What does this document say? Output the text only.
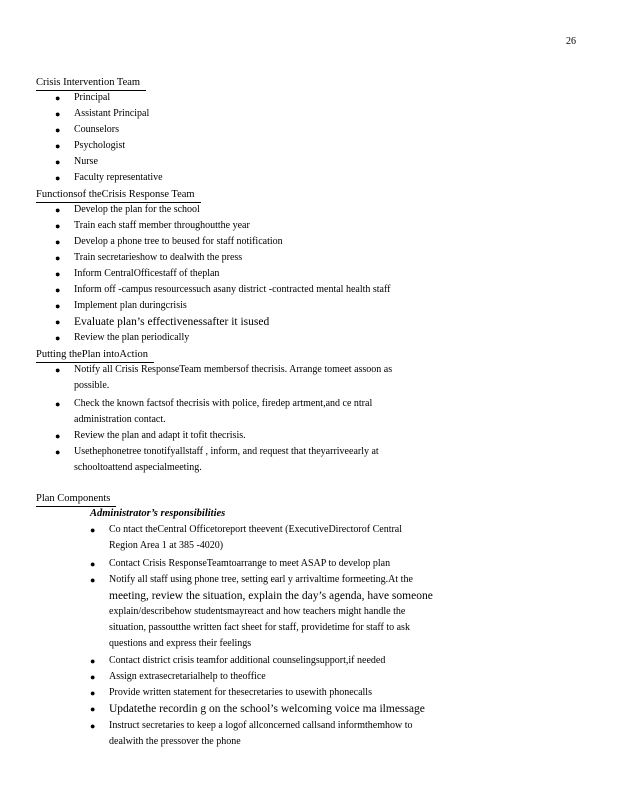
26
Crisis Intervention Team
● Principal
● Assistant Principal
● Counselors
● Psychologist
● Nurse
● Faculty representative
Functionsof theCrisis Response Team
● Develop the plan for the school
● Train each staff member throughoutthe year
● Develop a phone tree to beused for staff notification
● Train secretarieshow to dealwith the press
● Inform CentralOfficestaff of theplan
● Inform off -campus resourcessuch asany district -contracted mental health staff
● Implement plan duringcrisis
● Evaluate plan’s effectivenessafter it isused
● Review the plan periodically
Putting thePlan intoAction
● Notify all Crisis ResponseTeam membersof thecrisis. Arrange tomeet assoon as
possible.
● Check the known factsof thecrisis with police, firedep artment,and ce ntral
administration contact.
● Review the plan and adapt it tofit thecrisis.
● Usethephonetree tonotifyallstaff , inform, and request that theyarriveearly at
schooltoattend aspecialmeeting.
Plan Components
Administrator’s responsibilities
● Co ntact theCentral Officetoreport theevent (ExecutiveDirectorof Central
Region Area 1 at 385 -4020)
● Contact Crisis ResponseTeamtoarrange to meet ASAP to develop plan
● Notify all staff using phone tree, setting earl y arrivaltime formeeting.At the
meeting, review the situation, explain the day’s agenda, have someone
explain/describehow studentsmayreact and how teachers might handle the
situation, passoutthe written fact sheet for staff, providetime for staff to ask
questions and express their feelings
● Contact district crisis teamfor additional counselingsupport,if needed
● Assign extrasecretarialhelp to theoffice
● Provide written statement for thesecretaries to usewith phonecalls
● Updatethe recordin g on the school’s welcoming voice ma ilmessage
● Instruct secretaries to keep a logof allconcerned callsand informthemhow to
dealwith the pressover the phone
